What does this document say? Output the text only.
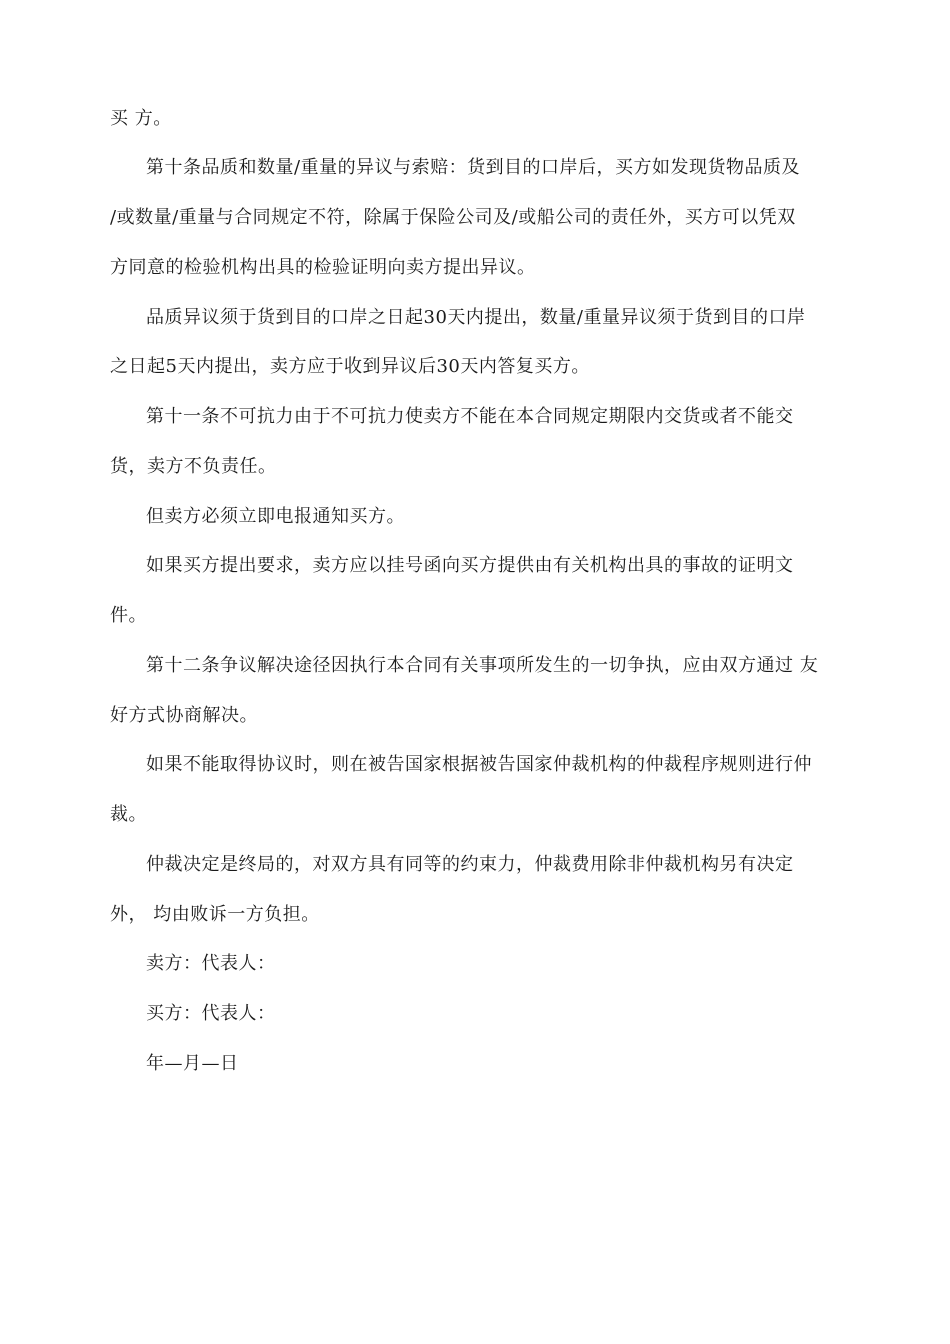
买 方。
第十条品质和数量/重量的异议与索赔：货到目的口岸后，买方如发现货物品质及
/或数量/重量与合同规定不符，除属于保险公司及/或船公司的责任外，买方可以凭双
方同意的检验机构出具的检验证明向卖方提出异议。
品质异议须于货到目的口岸之日起30天内提出，数量/重量异议须于货到目的口岸
之日起5天内提出，卖方应于收到异议后30天内答复买方。
第十一条不可抗力由于不可抗力使卖方不能在本合同规定期限内交货或者不能交
货，卖方不负责任。
但卖方必须立即电报通知买方。
如果买方提出要求，卖方应以挂号函向买方提供由有关机构出具的事故的证明文
件。
第十二条争议解决途径因执行本合同有关事项所发生的一切争执，应由双方通过 友
好方式协商解决。
如果不能取得协议时，则在被告国家根据被告国家仲裁机构的仲裁程序规则进行仲
裁。
仲裁决定是终局的，对双方具有同等的约束力，仲裁费用除非仲裁机构另有决定
外， 均由败诉一方负担。
卖方：代表人：
买方：代表人：
年—月—日
